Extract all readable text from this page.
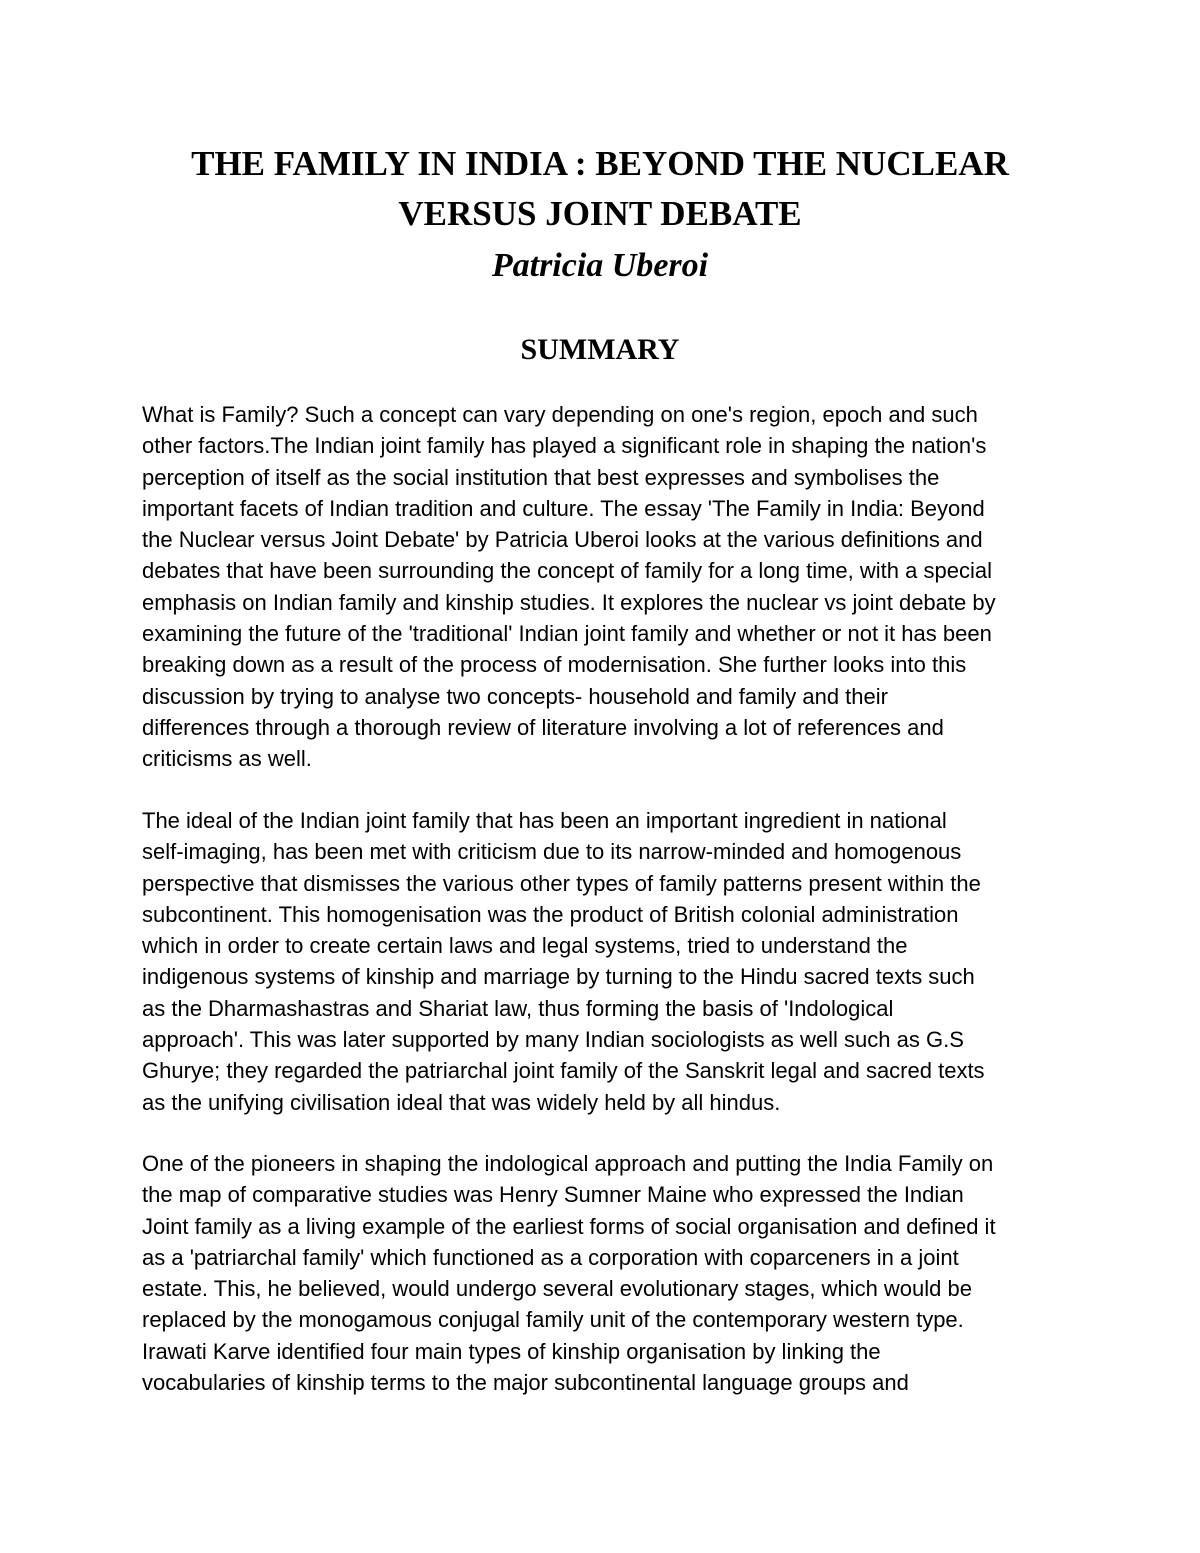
THE FAMILY IN INDIA : BEYOND THE NUCLEAR
VERSUS JOINT DEBATE
Patricia Uberoi
SUMMARY

What is Family? Such a concept can vary depending on one's region, epoch and such
other factors.The Indian joint family has played a significant role in shaping the nation's
perception of itself as the social institution that best expresses and symbolises the
important facets of Indian tradition and culture. The essay 'The Family in India: Beyond
the Nuclear versus Joint Debate' by Patricia Uberoi looks at the various definitions and
debates that have been surrounding the concept of family for a long time, with a special
emphasis on Indian family and kinship studies. It explores the nuclear vs joint debate by
examining the future of the 'traditional' Indian joint family and whether or not it has been
breaking down as a result of the process of modernisation. She further looks into this
discussion by trying to analyse two concepts- household and family and their
differences through a thorough review of literature involving a lot of references and
criticisms as well.

The ideal of the Indian joint family that has been an important ingredient in national
self-imaging, has been met with criticism due to its narrow-minded and homogenous
perspective that dismisses the various other types of family patterns present within the
subcontinent. This homogenisation was the product of British colonial administration
which in order to create certain laws and legal systems, tried to understand the
indigenous systems of kinship and marriage by turning to the Hindu sacred texts such
as the Dharmashastras and Shariat law, thus forming the basis of 'Indological
approach'. This was later supported by many Indian sociologists as well such as G.S
Ghurye; they regarded the patriarchal joint family of the Sanskrit legal and sacred texts
as the unifying civilisation ideal that was widely held by all hindus.

One of the pioneers in shaping the indological approach and putting the India Family on
the map of comparative studies was Henry Sumner Maine who expressed the Indian
Joint family as a living example of the earliest forms of social organisation and defined it
as a 'patriarchal family' which functioned as a corporation with coparceners in a joint
estate. This, he believed, would undergo several evolutionary stages, which would be
replaced by the monogamous conjugal family unit of the contemporary western type.
Irawati Karve identified four main types of kinship organisation by linking the
vocabularies of kinship terms to the major subcontinental language groups and
